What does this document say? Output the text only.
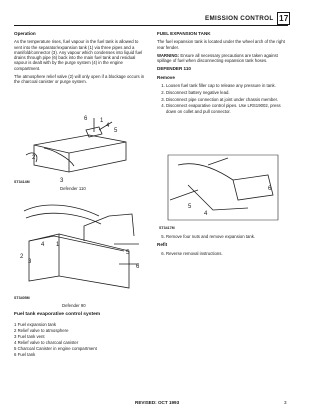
EMISSION CONTROL 17
Operation

As the temperature rises, fuel vapour in the fuel tank is allowed to vent into the separator/expansion tank (1) via three pipes and a manifold/connector (3). Any vapour which condenses into liquid fuel drains through pipe (6) back into the main fuel tank and residual vapour is dealt with by the purge system (4) in the engine compartment.

The atmosphere relief valve (2) will only open if a blockage occurs in the charcoal canister or purge system.

6 1
4
5
2
3
ST3414M
Defender 110
4 1
2
3
5
6
ST3405M
Defender 90
Fuel tank evaporative control system
1 Fuel expansion tank
2 Relief valve to atmosphere
3 Fuel tank vent
4 Relief valve to charcoal canister
5 Charcoal Canister in engine compartment
6 Fuel tank
FUEL EXPANSION TANK

The fuel expansion tank is located under the wheel arch of the right rear fender.

WARNING: Ensure all necessary precautions are taken against spillage of fuel when disconnecting expansion tank hoses.

DEFENDER 110
Remove
1. Loosen fuel tank filler cap to release any pressure in tank.
2. Disconnect battery negative lead.
3. Disconnect pipe connection at joint under chassis member.
4. Disconnect evaporative control pipes. Use LRS19002, press down on collet and pull connector.
6
5
4
ST3417M
5. Remove four nuts and remove expansion tank.
Refit
6. Reverse removal instructions.
REVISED: OCT 1993	3
